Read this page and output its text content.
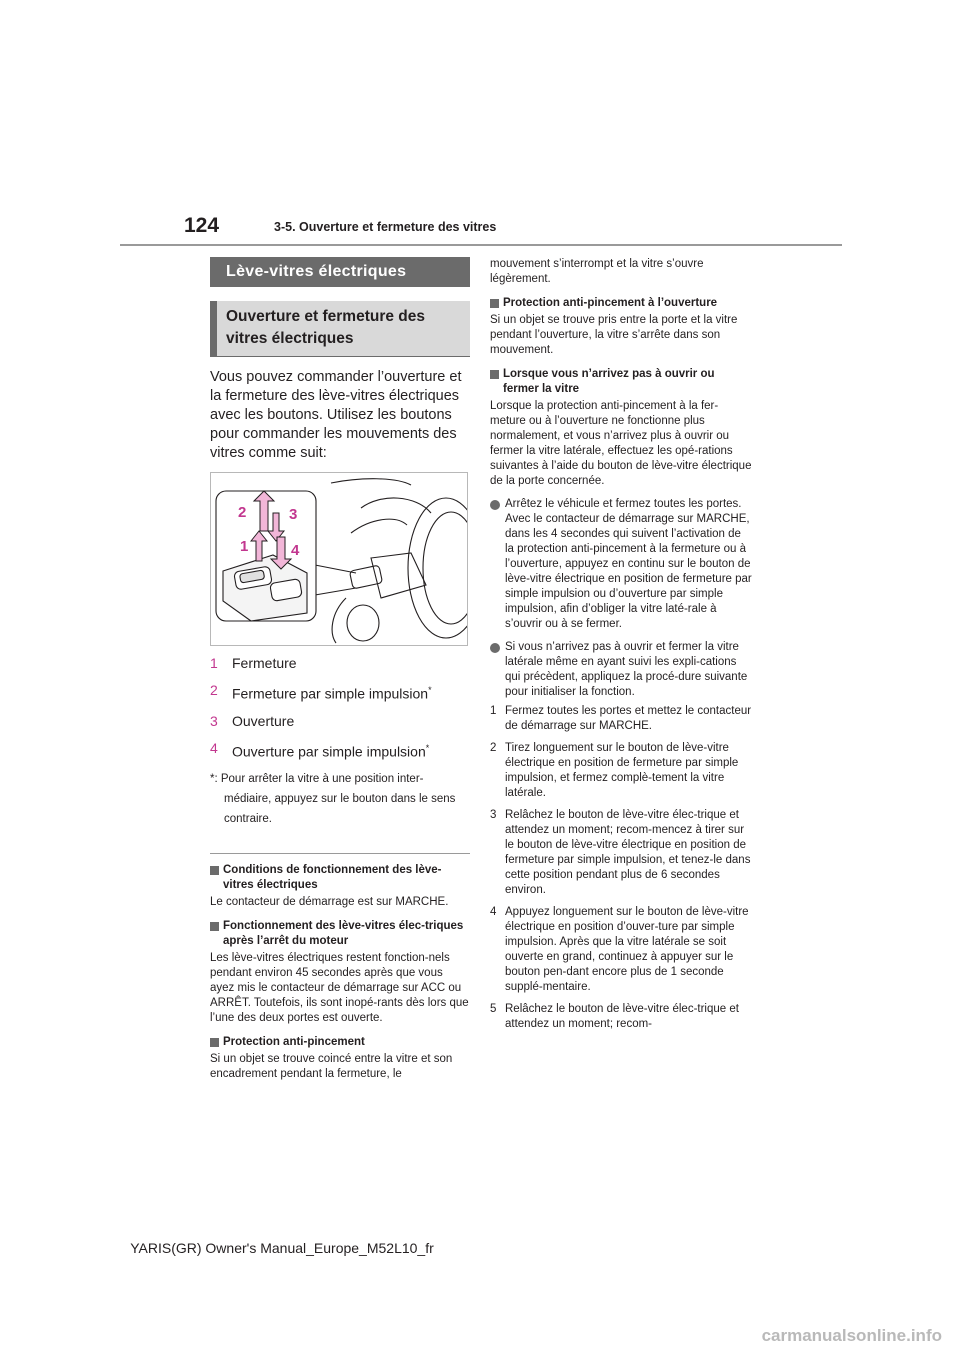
124	3-5. Ouverture et fermeture des vitres
Lève-vitres électriques
Ouverture et fermeture des vitres électriques
Vous pouvez commander l’ouverture et la fermeture des lève-vitres électriques avec les boutons. Utilisez les boutons pour commander les mouvements des vitres comme suit:
2
1
3
4
1	Fermeture
2	Fermeture par simple impulsion*
3	Ouverture
4	Ouverture par simple impulsion*
*: Pour arrêter la vitre à une position inter-médiaire, appuyez sur le bouton dans le sens contraire.
Conditions de fonctionnement des lève-vitres électriques
Le contacteur de démarrage est sur MARCHE.
Fonctionnement des lève-vitres élec-triques après l’arrêt du moteur
Les lève-vitres électriques restent fonction-nels pendant environ 45 secondes après que vous ayez mis le contacteur de démarrage sur ACC ou ARRÊT. Toutefois, ils sont inopé-rants dès lors que l’une des deux portes est ouverte.
Protection anti-pincement
Si un objet se trouve coincé entre la vitre et son encadrement pendant la fermeture, le
mouvement s’interrompt et la vitre s’ouvre légèrement.
Protection anti-pincement à l’ouverture
Si un objet se trouve pris entre la porte et la vitre pendant l’ouverture, la vitre s’arrête dans son mouvement.
Lorsque vous n’arrivez pas à ouvrir ou fermer la vitre
Lorsque la protection anti-pincement à la fer-meture ou à l’ouverture ne fonctionne plus normalement, et vous n’arrivez plus à ouvrir ou fermer la vitre latérale, effectuez les opé-rations suivantes à l’aide du bouton de lève-vitre électrique de la porte concernée.
Arrêtez le véhicule et fermez toutes les portes. Avec le contacteur de démarrage sur MARCHE, dans les 4 secondes qui suivent l’activation de la protection anti-pincement à la fermeture ou à l’ouverture, appuyez en continu sur le bouton de lève-vitre électrique en position de fermeture par simple impulsion ou d’ouverture par simple impulsion, afin d’obliger la vitre laté-rale à s’ouvrir ou à se fermer.
Si vous n’arrivez pas à ouvrir et fermer la vitre latérale même en ayant suivi les expli-cations qui précèdent, appliquez la procé-dure suivante pour initialiser la fonction.
1 Fermez toutes les portes et mettez le contacteur de démarrage sur MARCHE.
2 Tirez longuement sur le bouton de lève-vitre électrique en position de fermeture par simple impulsion, et fermez complè-tement la vitre latérale.
3 Relâchez le bouton de lève-vitre élec-trique et attendez un moment; recom-mencez à tirer sur le bouton de lève-vitre électrique en position de fermeture par simple impulsion, et tenez-le dans cette position pendant plus de 6 secondes environ.
4 Appuyez longuement sur le bouton de lève-vitre électrique en position d’ouver-ture par simple impulsion. Après que la vitre latérale se soit ouverte en grand, continuez à appuyer sur le bouton pen-dant encore plus de 1 seconde supplé-mentaire.
5 Relâchez le bouton de lève-vitre élec-trique et attendez un moment; recom-
YARIS(GR) Owner's Manual_Europe_M52L10_fr
carmanualsonline.info
